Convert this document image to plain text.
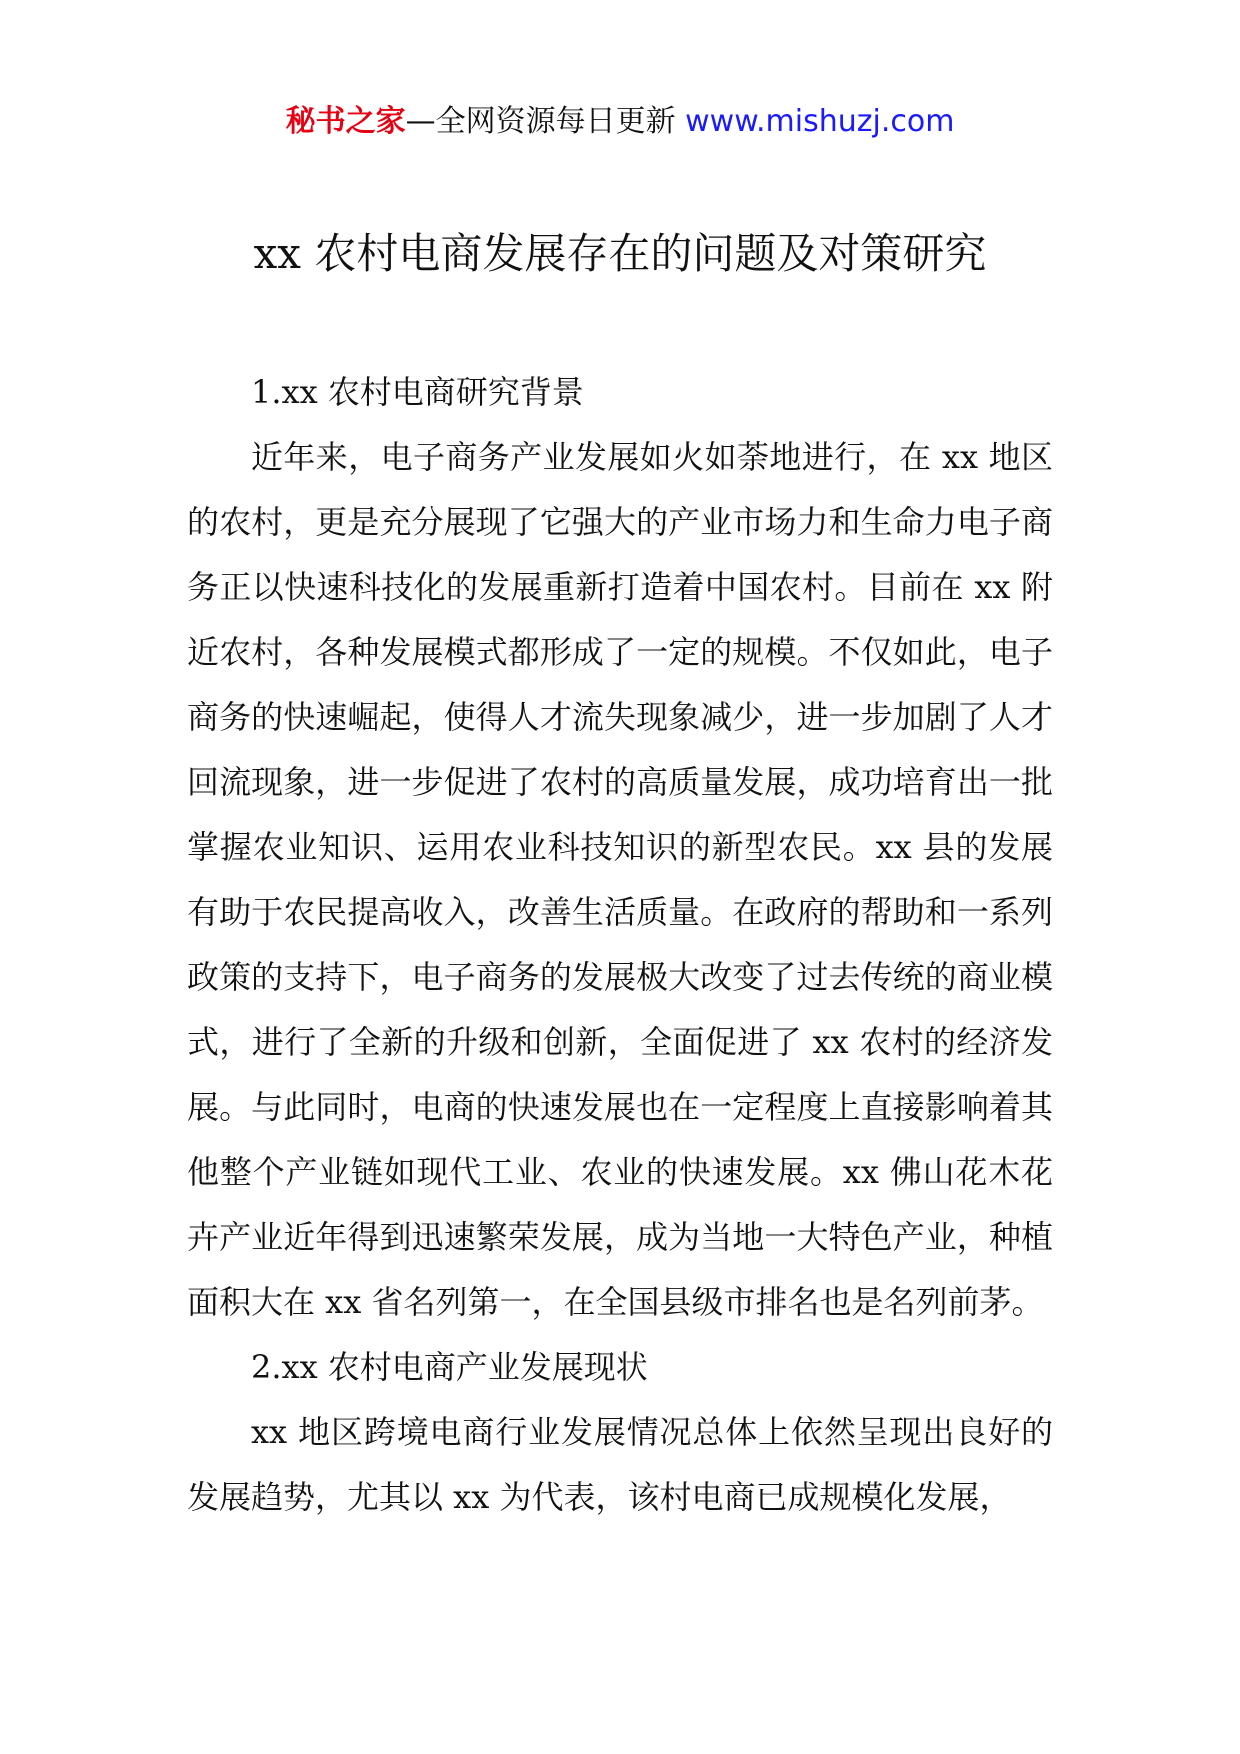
秘书之家—全网资源每日更新 www.mishuzj.com
xx 农村电商发展存在的问题及对策研究

1.xx 农村电商研究背景

近年来，电子商务产业发展如火如荼地进行，在 xx 地区的农村，更是充分展现了它强大的产业市场力和生命力电子商务正以快速科技化的发展重新打造着中国农村。目前在 xx 附近农村，各种发展模式都形成了一定的规模。不仅如此，电子商务的快速崛起，使得人才流失现象减少，进一步加剧了人才回流现象，进一步促进了农村的高质量发展，成功培育出一批掌握农业知识、运用农业科技知识的新型农民。xx 县的发展有助于农民提高收入，改善生活质量。在政府的帮助和一系列政策的支持下，电子商务的发展极大改变了过去传统的商业模式，进行了全新的升级和创新，全面促进了 xx 农村的经济发展。与此同时，电商的快速发展也在一定程度上直接影响着其他整个产业链如现代工业、农业的快速发展。xx 佛山花木花卉产业近年得到迅速繁荣发展，成为当地一大特色产业，种植面积大在 xx 省名列第一，在全国县级市排名也是名列前茅。

2.xx 农村电商产业发展现状

xx 地区跨境电商行业发展情况总体上依然呈现出良好的发展趋势，尤其以 xx 为代表，该村电商已成规模化发展，
